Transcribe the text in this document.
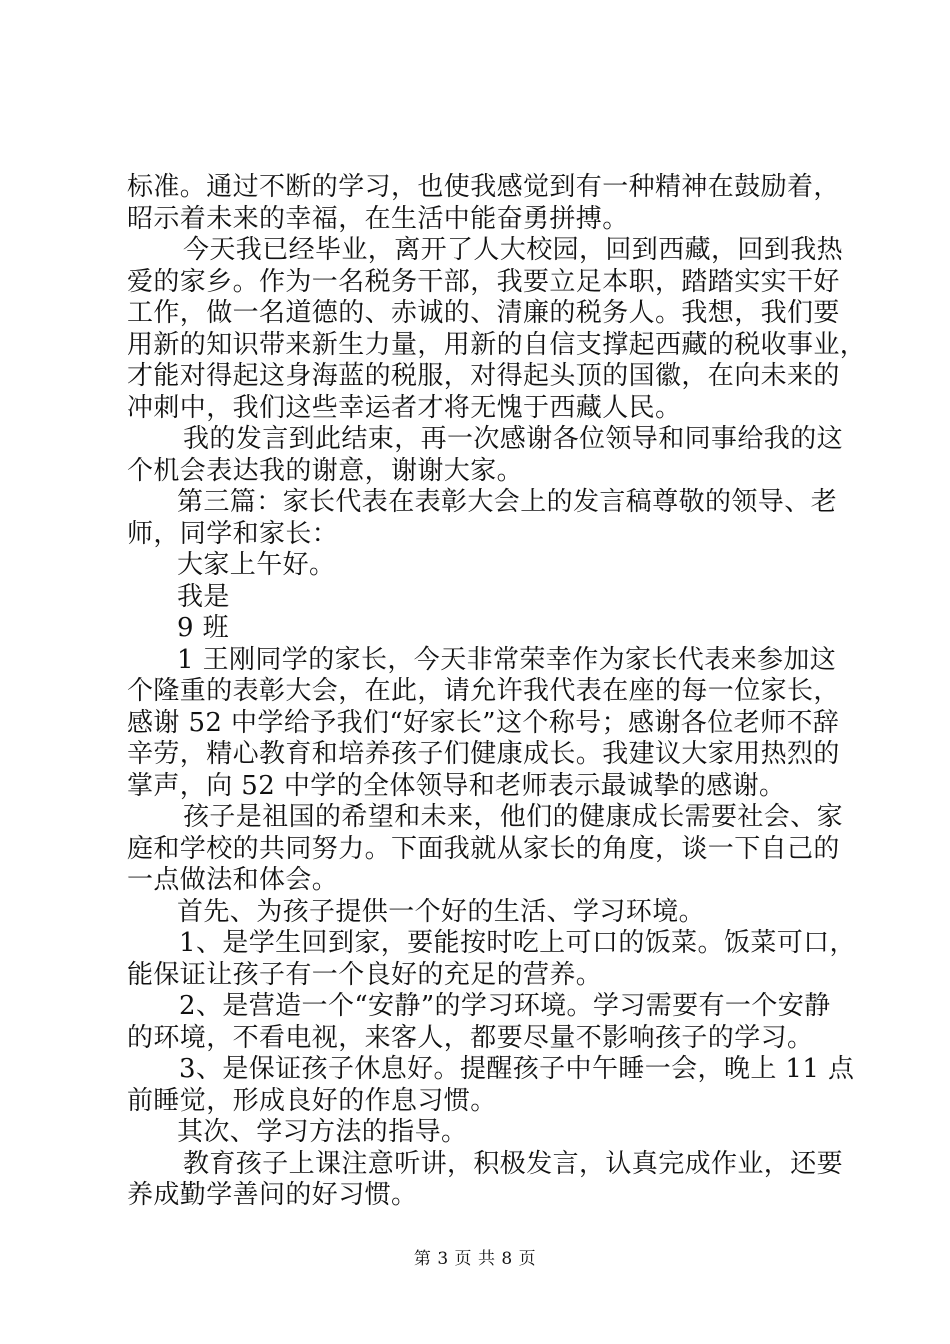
标准。通过不断的学习，也使我感觉到有一种精神在鼓励着，
昭示着未来的幸福，在生活中能奋勇拼搏。
今天我已经毕业，离开了人大校园，回到西藏，回到我热
爱的家乡。作为一名税务干部，我要立足本职，踏踏实实干好
工作，做一名道德的、赤诚的、清廉的税务人。我想，我们要
用新的知识带来新生力量，用新的自信支撑起西藏的税收事业，
才能对得起这身海蓝的税服，对得起头顶的国徽，在向未来的
冲刺中，我们这些幸运者才将无愧于西藏人民。
我的发言到此结束，再一次感谢各位领导和同事给我的这
个机会表达我的谢意，谢谢大家。
第三篇：家长代表在表彰大会上的发言稿尊敬的领导、老
师，同学和家长：
大家上午好。
我是
9 班
1 王刚同学的家长，今天非常荣幸作为家长代表来参加这
个隆重的表彰大会，在此，请允许我代表在座的每一位家长，
感谢 52 中学给予我们“好家长”这个称号；感谢各位老师不辞
辛劳，精心教育和培养孩子们健康成长。我建议大家用热烈的
掌声，向 52 中学的全体领导和老师表示最诚挚的感谢。
孩子是祖国的希望和未来，他们的健康成长需要社会、家
庭和学校的共同努力。下面我就从家长的角度，谈一下自己的
一点做法和体会。
首先、为孩子提供一个好的生活、学习环境。
1、是学生回到家，要能按时吃上可口的饭菜。饭菜可口，
能保证让孩子有一个良好的充足的营养。
2、是营造一个“安静”的学习环境。学习需要有一个安静
的环境，不看电视，来客人，都要尽量不影响孩子的学习。
3、是保证孩子休息好。提醒孩子中午睡一会，晚上 11 点
前睡觉，形成良好的作息习惯。
其次、学习方法的指导。
教育孩子上课注意听讲，积极发言，认真完成作业，还要
养成勤学善问的好习惯。
第 3 页 共 8 页
